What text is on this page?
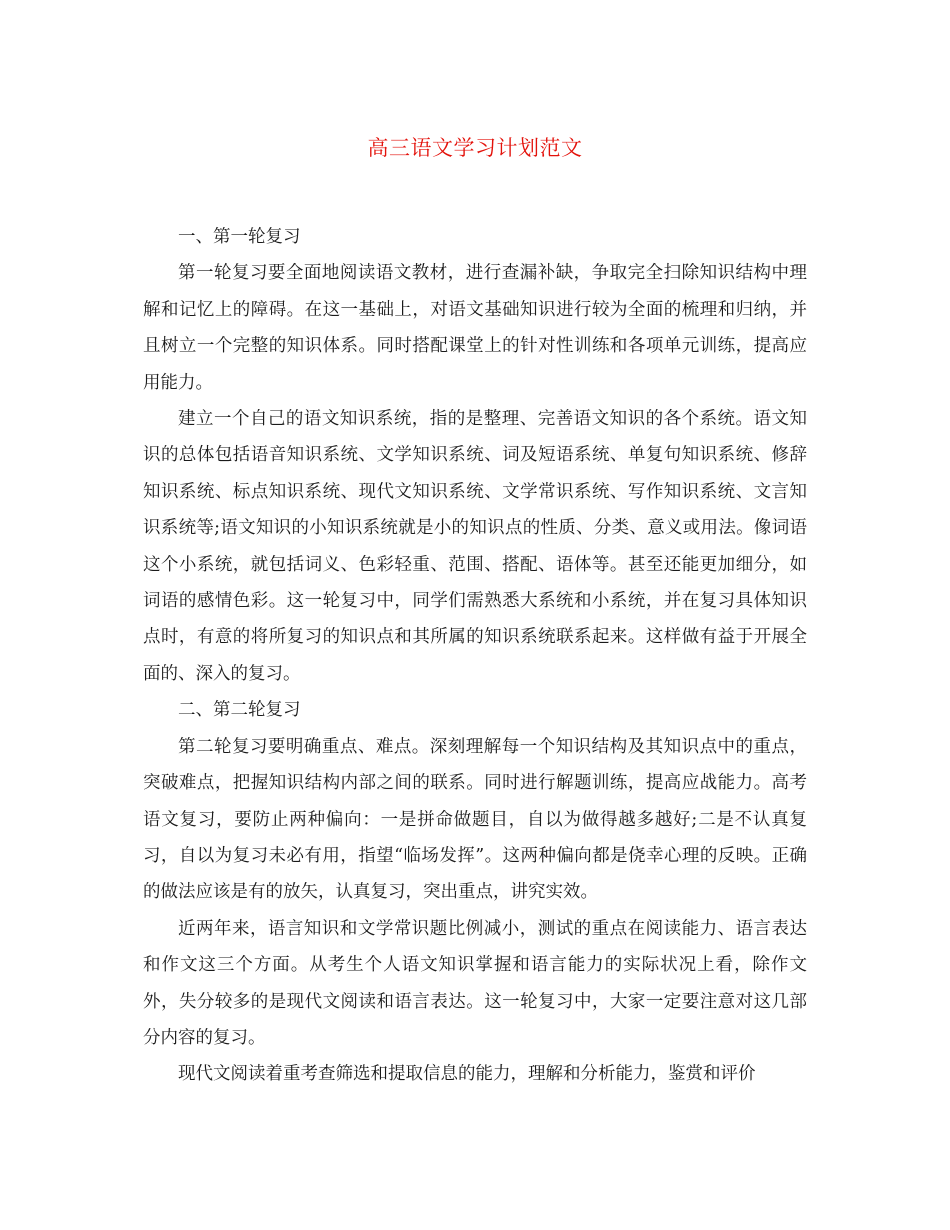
高三语文学习计划范文

一、第一轮复习

第一轮复习要全面地阅读语文教材，进行查漏补缺，争取完全扫除知识结构中理解和记忆上的障碍。在这一基础上，对语文基础知识进行较为全面的梳理和归纳，并且树立一个完整的知识体系。同时搭配课堂上的针对性训练和各项单元训练，提高应用能力。

建立一个自己的语文知识系统，指的是整理、完善语文知识的各个系统。语文知识的总体包括语音知识系统、文学知识系统、词及短语系统、单复句知识系统、修辞知识系统、标点知识系统、现代文知识系统、文学常识系统、写作知识系统、文言知识系统等;语文知识的小知识系统就是小的知识点的性质、分类、意义或用法。像词语这个小系统，就包括词义、色彩轻重、范围、搭配、语体等。甚至还能更加细分，如词语的感情色彩。这一轮复习中，同学们需熟悉大系统和小系统，并在复习具体知识点时，有意的将所复习的知识点和其所属的知识系统联系起来。这样做有益于开展全面的、深入的复习。

二、第二轮复习

第二轮复习要明确重点、难点。深刻理解每一个知识结构及其知识点中的重点，突破难点，把握知识结构内部之间的联系。同时进行解题训练，提高应战能力。高考语文复习，要防止两种偏向：一是拼命做题目，自以为做得越多越好;二是不认真复习，自以为复习未必有用，指望“临场发挥”。这两种偏向都是侥幸心理的反映。正确的做法应该是有的放矢，认真复习，突出重点，讲究实效。

近两年来，语言知识和文学常识题比例减小，测试的重点在阅读能力、语言表达和作文这三个方面。从考生个人语文知识掌握和语言能力的实际状况上看，除作文外，失分较多的是现代文阅读和语言表达。这一轮复习中，大家一定要注意对这几部分内容的复习。

现代文阅读着重考查筛选和提取信息的能力，理解和分析能力，鉴赏和评价
